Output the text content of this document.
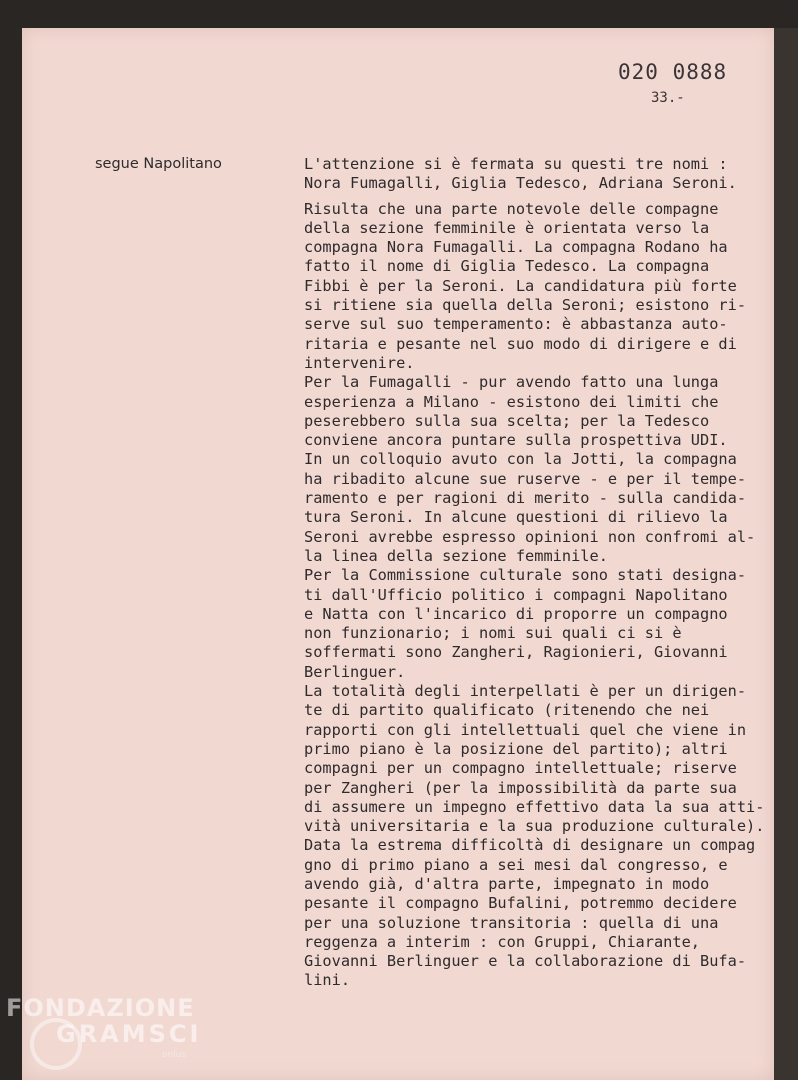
020 0888
33.-
segue Napolitano	L'attenzione si è fermata su questi tre nomi :
Nora Fumagalli, Giglia Tedesco, Adriana Seroni.
Risulta che una parte notevole delle compagne
della sezione femminile è orientata verso la
compagna Nora Fumagalli. La compagna Rodano ha
fatto il nome di Giglia Tedesco. La compagna
Fibbi è per la Seroni. La candidatura più forte
si ritiene sia quella della Seroni; esistono ri-
serve sul suo temperamento: è abbastanza auto-
ritaria e pesante nel suo modo di dirigere e di
intervenire.
Per la Fumagalli - pur avendo fatto una lunga
esperienza a Milano - esistono dei limiti che
peserebbero sulla sua scelta; per la Tedesco
conviene ancora puntare sulla prospettiva UDI.
In un colloquio avuto con la Jotti, la compagna
ha ribadito alcune sue ruserve - e per il tempe-
ramento e per ragioni di merito - sulla candida-
tura Seroni. In alcune questioni di rilievo la
Seroni avrebbe espresso opinioni non confromi al-
la linea della sezione femminile.
Per la Commissione culturale sono stati designa-
ti dall'Ufficio politico i compagni Napolitano
e Natta con l'incarico di proporre un compagno
non funzionario; i nomi sui quali ci si è
soffermati sono Zangheri, Ragionieri, Giovanni
Berlinguer.
La totalità degli interpellati è per un dirigen-
te di partito qualificato (ritenendo che nei
rapporti con gli intellettuali quel che viene in
primo piano è la posizione del partito); altri
compagni per un compagno intellettuale; riserve
per Zangheri (per la impossibilità da parte sua
di assumere un impegno effettivo data la sua atti-
vità universitaria e la sua produzione culturale).
Data la estrema difficoltà di designare un compag
gno di primo piano a sei mesi dal congresso, e
avendo già, d'altra parte, impegnato in modo
pesante il compagno Bufalini, potremmo decidere
per una soluzione transitoria : quella di una
reggenza a interim : con Gruppi, Chiarante,
Giovanni Berlinguer e la collaborazione di Bufa-
lini.
FONDAZIONE
GRAMSCI
onlus
